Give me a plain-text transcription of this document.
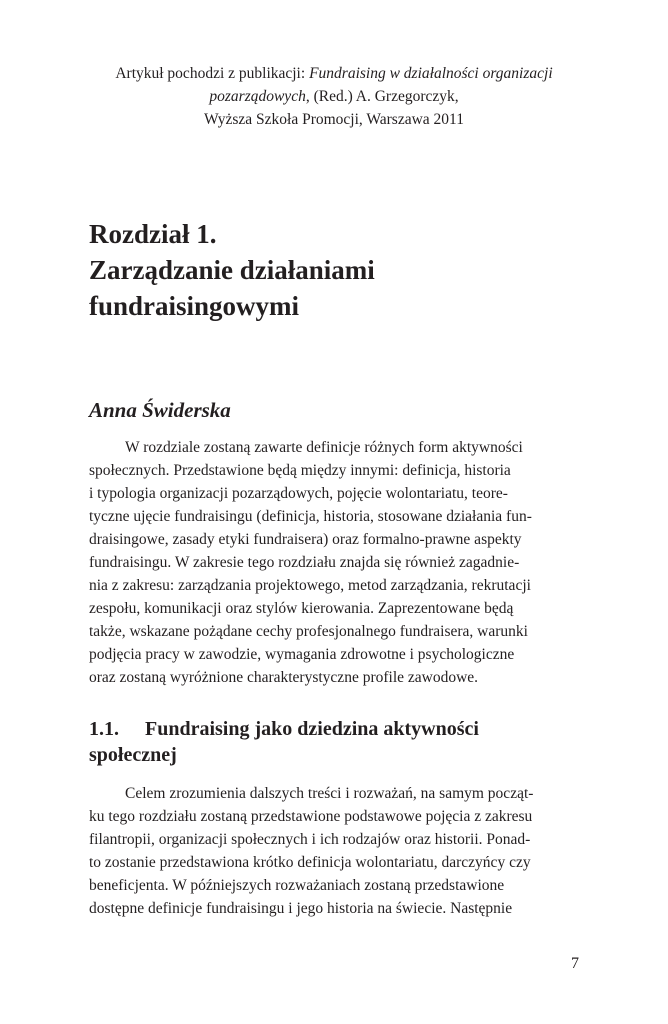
Artykuł pochodzi z publikacji: Fundraising w działalności organizacji
pozarządowych, (Red.) A. Grzegorczyk,
Wyższa Szkoła Promocji, Warszawa 2011
Rozdział 1.
Zarządzanie działaniami
fundraisingowymi
Anna Świderska
W rozdziale zostaną zawarte definicje różnych form aktywności
społecznych. Przedstawione będą między innymi: definicja, historia
i typologia organizacji pozarządowych, pojęcie wolontariatu, teore-
tyczne ujęcie fundraisingu (definicja, historia, stosowane działania fun-
draisingowe, zasady etyki fundraisera) oraz formalno-prawne aspekty
fundraisingu. W zakresie tego rozdziału znajda się również zagadnie-
nia z zakresu: zarządzania projektowego, metod zarządzania, rekrutacji
zespołu, komunikacji oraz stylów kierowania. Zaprezentowane będą
także, wskazane pożądane cechy profesjonalnego fundraisera, warunki
podjęcia pracy w zawodzie, wymagania zdrowotne i psychologiczne
oraz zostaną wyróżnione charakterystyczne profile zawodowe.
1.1. Fundraising jako dziedzina aktywności
społecznej
Celem zrozumienia dalszych treści i rozważań, na samym począt-
ku tego rozdziału zostaną przedstawione podstawowe pojęcia z zakresu
filantropii, organizacji społecznych i ich rodzajów oraz historii. Ponad-
to zostanie przedstawiona krótko definicja wolontariatu, darczyńcy czy
beneficjenta. W późniejszych rozważaniach zostaną przedstawione
dostępne definicje fundraisingu i jego historia na świecie. Następnie
7
